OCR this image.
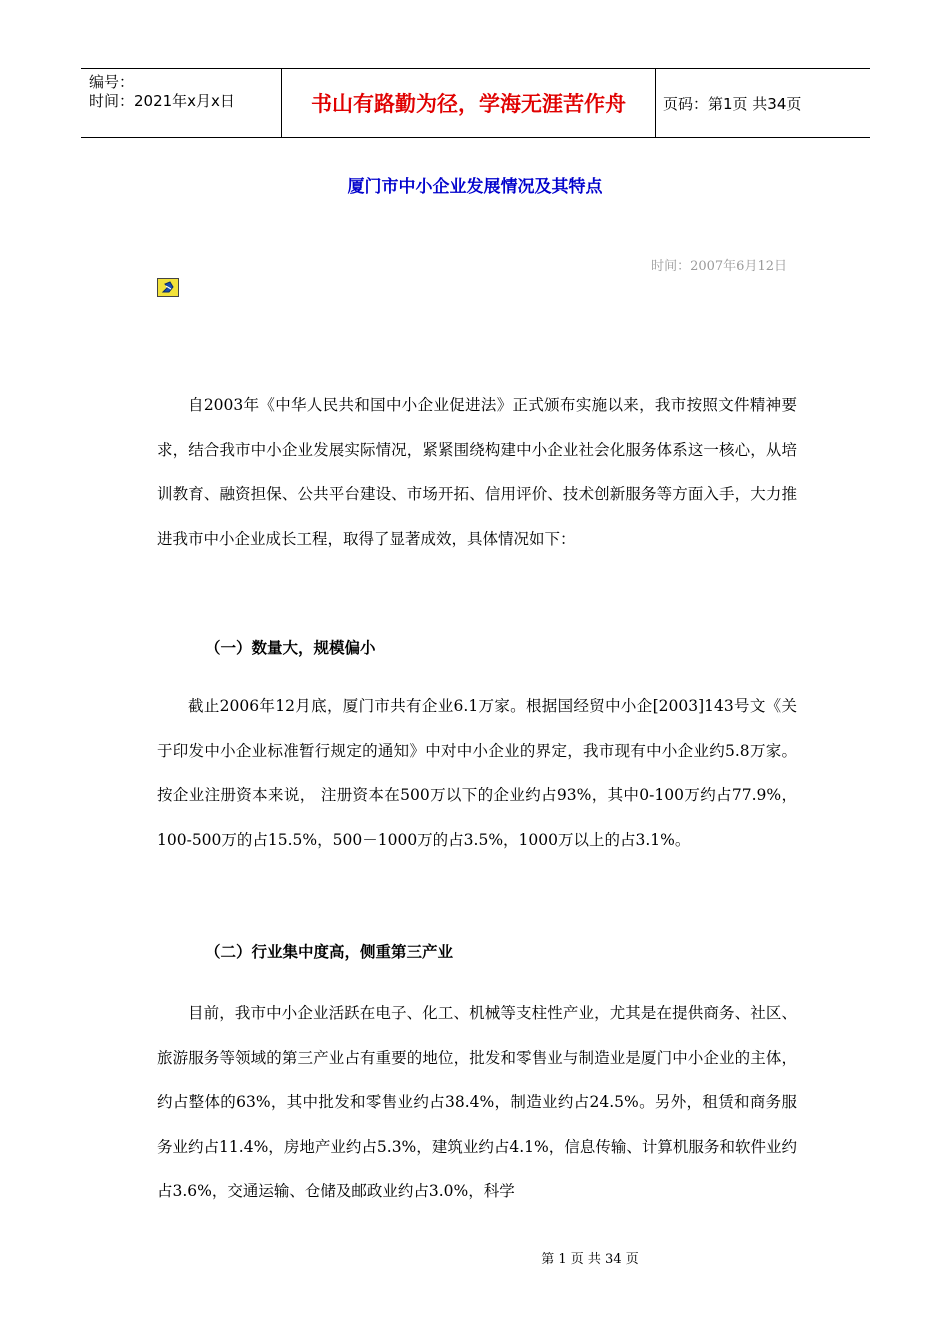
编号：
时间：2021年x月x日	书山有路勤为径，学海无涯苦作舟	页码：第1页 共34页
厦门市中小企业发展情况及其特点
时间：2007年6月12日

自2003年《中华人民共和国中小企业促进法》正式颁布实施以来，我市按照文件精神要求，结合我市中小企业发展实际情况，紧紧围绕构建中小企业社会化服务体系这一核心，从培训教育、融资担保、公共平台建设、市场开拓、信用评价、技术创新服务等方面入手，大力推进我市中小企业成长工程，取得了显著成效，具体情况如下：

（一）数量大，规模偏小

截止2006年12月底，厦门市共有企业6.1万家。根据国经贸中小企[2003]143号文《关于印发中小企业标准暂行规定的通知》中对中小企业的界定，我市现有中小企业约5.8万家。按企业注册资本来说， 注册资本在500万以下的企业约占93%，其中0-100万约占77.9%，100-500万的占15.5%，500－1000万的占3.5%，1000万以上的占3.1%。

（二）行业集中度高，侧重第三产业

目前，我市中小企业活跃在电子、化工、机械等支柱性产业，尤其是在提供商务、社区、旅游服务等领域的第三产业占有重要的地位，批发和零售业与制造业是厦门中小企业的主体，约占整体的63%，其中批发和零售业约占38.4%，制造业约占24.5%。另外，租赁和商务服务业约占11.4%，房地产业约占5.3%，建筑业约占4.1%，信息传输、计算机服务和软件业约占3.6%，交通运输、仓储及邮政业约占3.0%，科学

第 1 页 共 34 页
